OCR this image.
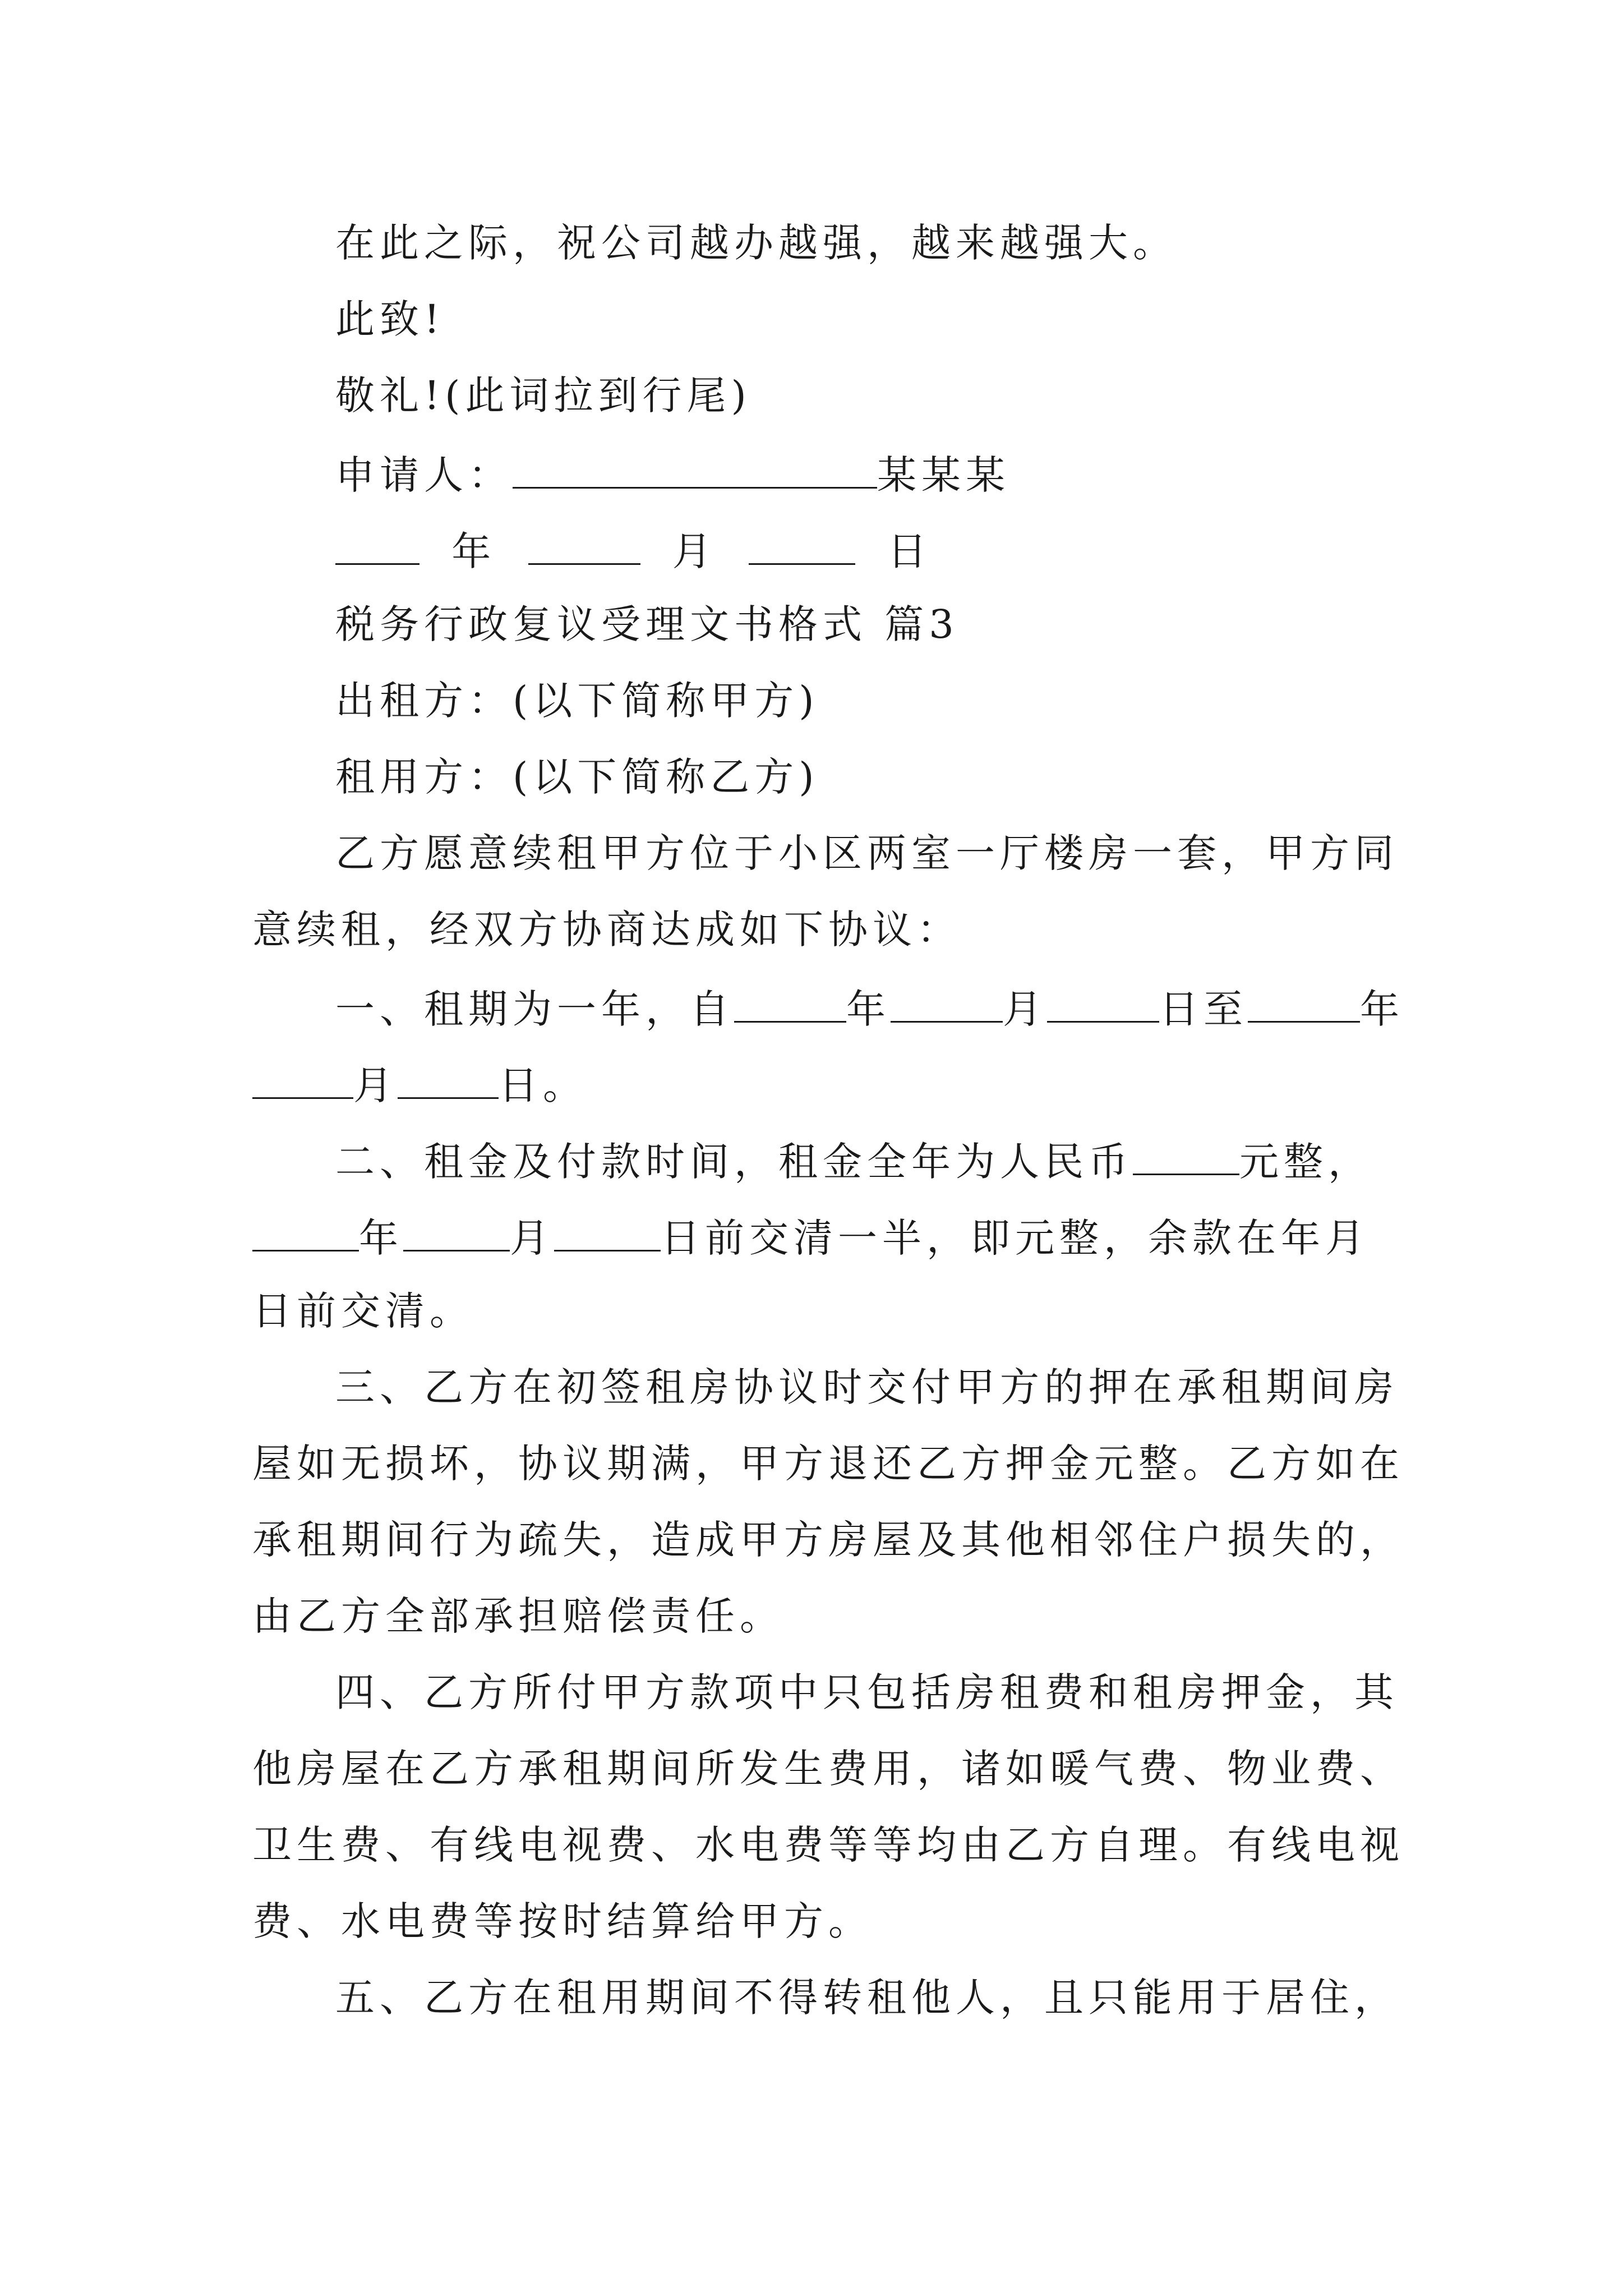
在此之际，祝公司越办越强，越来越强大。
此致!
敬礼!(此词拉到行尾)
申请人：	某某某
年	月	日
税务行政复议受理文书格式 篇3
出租方：(以下简称甲方)
租用方：(以下简称乙方)
乙方愿意续租甲方位于小区两室一厅楼房一套，甲方同
意续租，经双方协商达成如下协议：
一、租期为一年，自	年	月	日至	年
月	日。
二、租金及付款时间，租金全年为人民币	元整，
年	月	日前交清一半，即元整，余款在年月
日前交清。
三、乙方在初签租房协议时交付甲方的押在承租期间房
屋如无损坏，协议期满，甲方退还乙方押金元整。乙方如在
承租期间行为疏失，造成甲方房屋及其他相邻住户损失的，
由乙方全部承担赔偿责任。
四、乙方所付甲方款项中只包括房租费和租房押金，其
他房屋在乙方承租期间所发生费用，诸如暖气费、物业费、
卫生费、有线电视费、水电费等等均由乙方自理。有线电视
费、水电费等按时结算给甲方。
五、乙方在租用期间不得转租他人，且只能用于居住，
